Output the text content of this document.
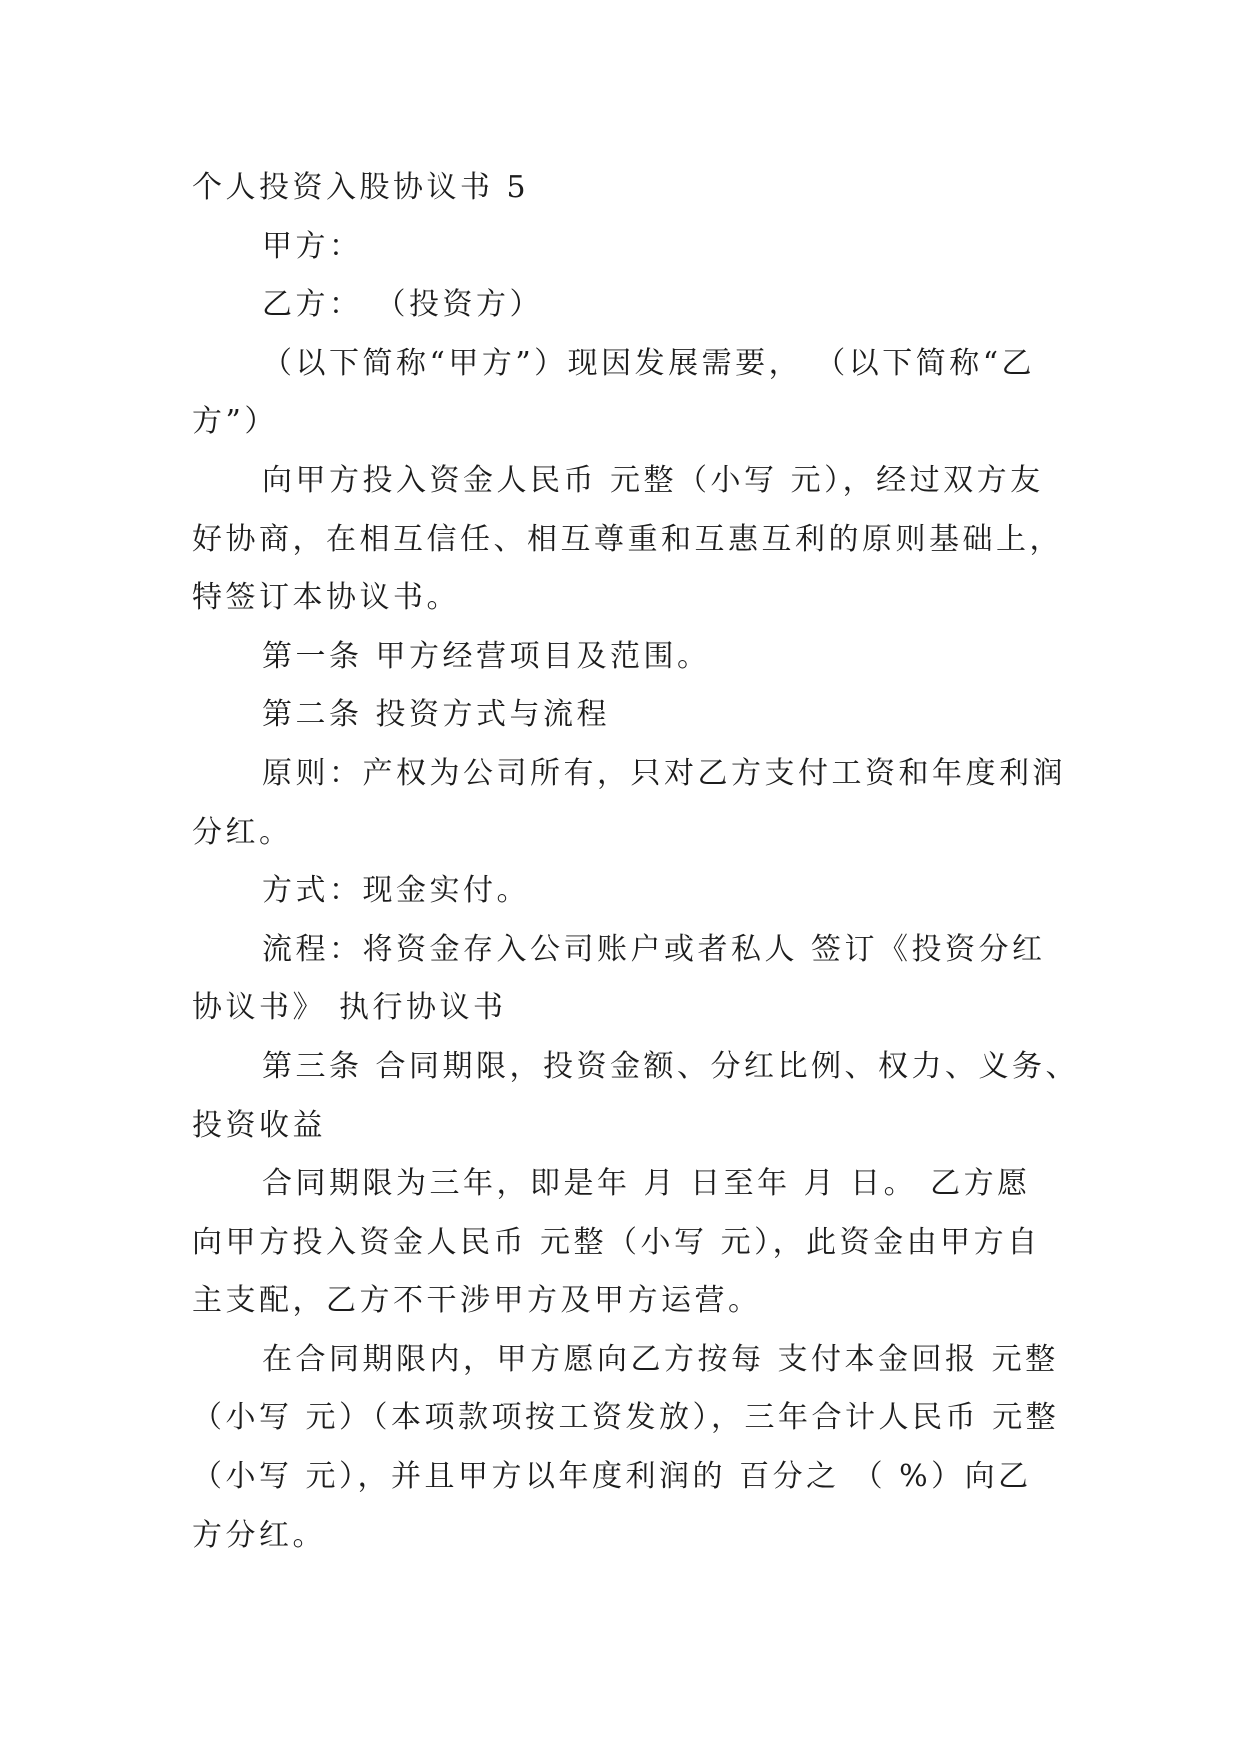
个人投资入股协议书 5
甲方：
乙方： （投资方）
（以下简称“甲方”）现因发展需要， （以下简称“乙
方”）
向甲方投入资金人民币 元整（小写 元），经过双方友
好协商，在相互信任、相互尊重和互惠互利的原则基础上，
特签订本协议书。
第一条 甲方经营项目及范围。
第二条 投资方式与流程
原则：产权为公司所有，只对乙方支付工资和年度利润
分红。
方式：现金实付。
流程：将资金存入公司账户或者私人 签订《投资分红
协议书》 执行协议书
第三条 合同期限，投资金额、分红比例、权力、义务、
投资收益
合同期限为三年，即是年 月 日至年 月 日。 乙方愿
向甲方投入资金人民币 元整（小写 元），此资金由甲方自
主支配，乙方不干涉甲方及甲方运营。
在合同期限内，甲方愿向乙方按每 支付本金回报 元整
（小写 元）（本项款项按工资发放），三年合计人民币 元整
（小写 元），并且甲方以年度利润的 百分之 （ %）向乙
方分红。
